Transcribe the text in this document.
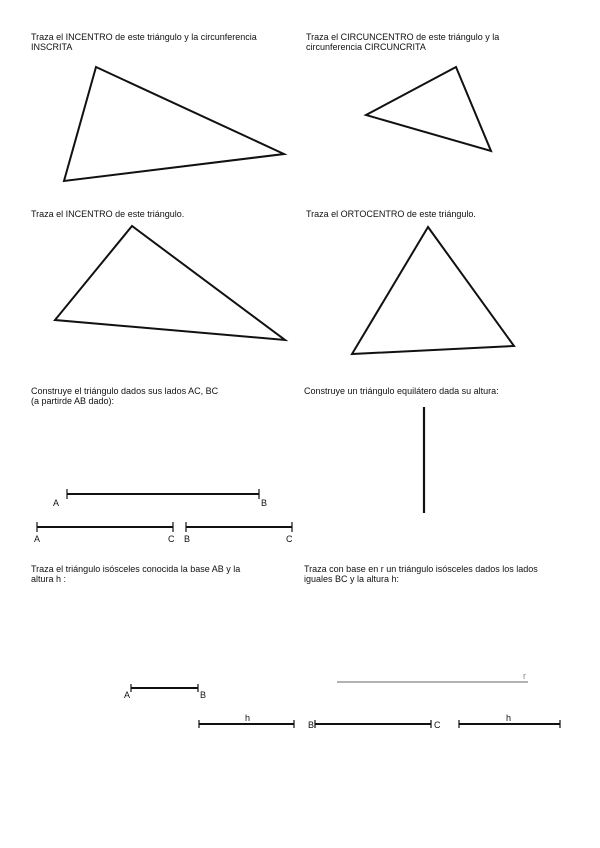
Traza el INCENTRO de este triángulo y la circunferencia
INSCRITA
Traza el CIRCUNCENTRO de este triángulo y la
circunferencia CIRCUNCRITA
Traza el INCENTRO de este triángulo.	Traza el ORTOCENTRO de este triángulo.
Construye el triángulo dados sus lados AC, BC
(a partirde AB dado):
Construye un triángulo equilátero dada su altura:
Traza el triángulo isósceles conocida la base AB y la
altura h :
Traza con base en r un triángulo isósceles dados los lados
iguales BC y la altura h:
A	B
A	C B	C
A	B
h
r
B	C
h
